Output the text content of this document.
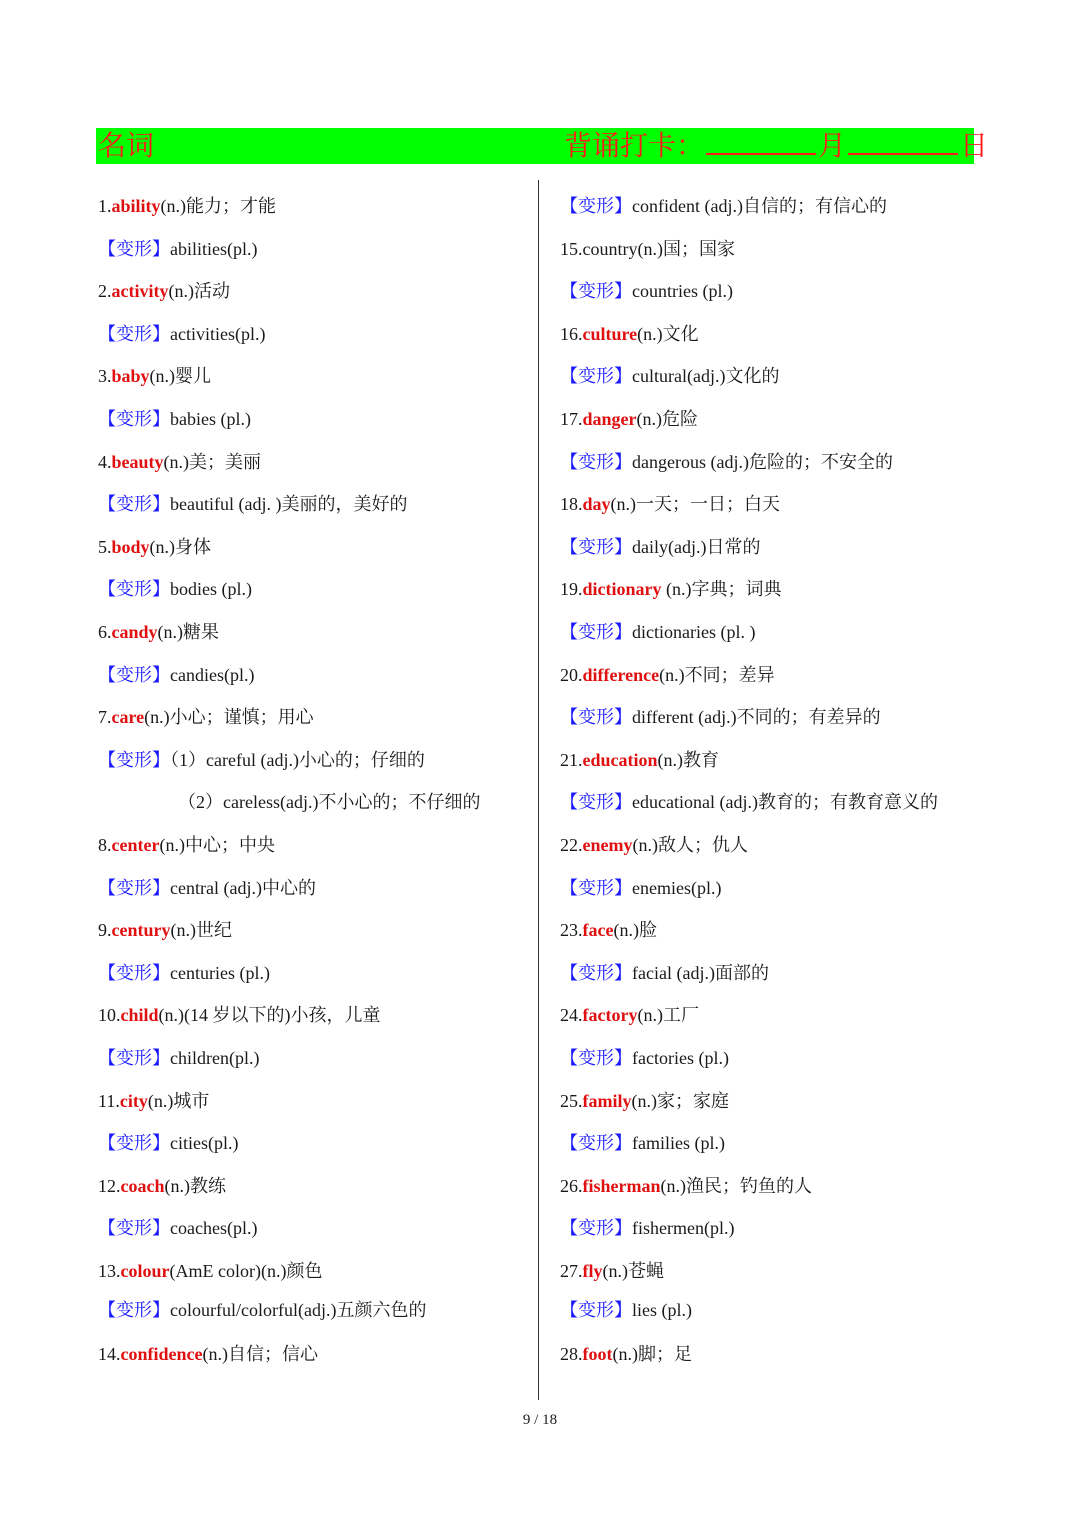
名词	背诵打卡：	月	日
1.ability(n.)能力；才能
【变形】abilities(pl.)
2.activity(n.)活动
【变形】activities(pl.)
3.baby(n.)婴儿
【变形】babies (pl.)
4.beauty(n.)美；美丽
【变形】beautiful (adj. )美丽的，美好的
5.body(n.)身体
【变形】bodies (pl.)
6.candy(n.)糖果
【变形】candies(pl.)
7.care(n.)小心；谨慎；用心
【变形】（1）careful (adj.)小心的；仔细的
（2）careless(adj.)不小心的；不仔细的
8.center(n.)中心；中央
【变形】central (adj.)中心的
9.century(n.)世纪
【变形】centuries (pl.)
10.child(n.)(14 岁以下的)小孩，儿童
【变形】children(pl.)
11.city(n.)城市
【变形】cities(pl.)
12.coach(n.)教练
【变形】coaches(pl.)
13.colour(AmE color)(n.)颜色
【变形】colourful/colorful(adj.)五颜六色的
14.confidence(n.)自信；信心
【变形】confident (adj.)自信的；有信心的
15.country(n.)国；国家
【变形】countries (pl.)
16.culture(n.)文化
【变形】cultural(adj.)文化的
17.danger(n.)危险
【变形】dangerous (adj.)危险的；不安全的
18.day(n.)一天；一日；白天
【变形】daily(adj.)日常的
19.dictionary (n.)字典；词典
【变形】dictionaries (pl. )
20.difference(n.)不同；差异
【变形】different (adj.)不同的；有差异的
21.education(n.)教育
【变形】educational (adj.)教育的；有教育意义的
22.enemy(n.)敌人；仇人
【变形】enemies(pl.)
23.face(n.)脸
【变形】facial (adj.)面部的
24.factory(n.)工厂
【变形】factories (pl.)
25.family(n.)家；家庭
【变形】families (pl.)
26.fisherman(n.)渔民；钓鱼的人
【变形】fishermen(pl.)
27.fly(n.)苍蝇
【变形】lies (pl.)
28.foot(n.)脚；足
9 / 18
